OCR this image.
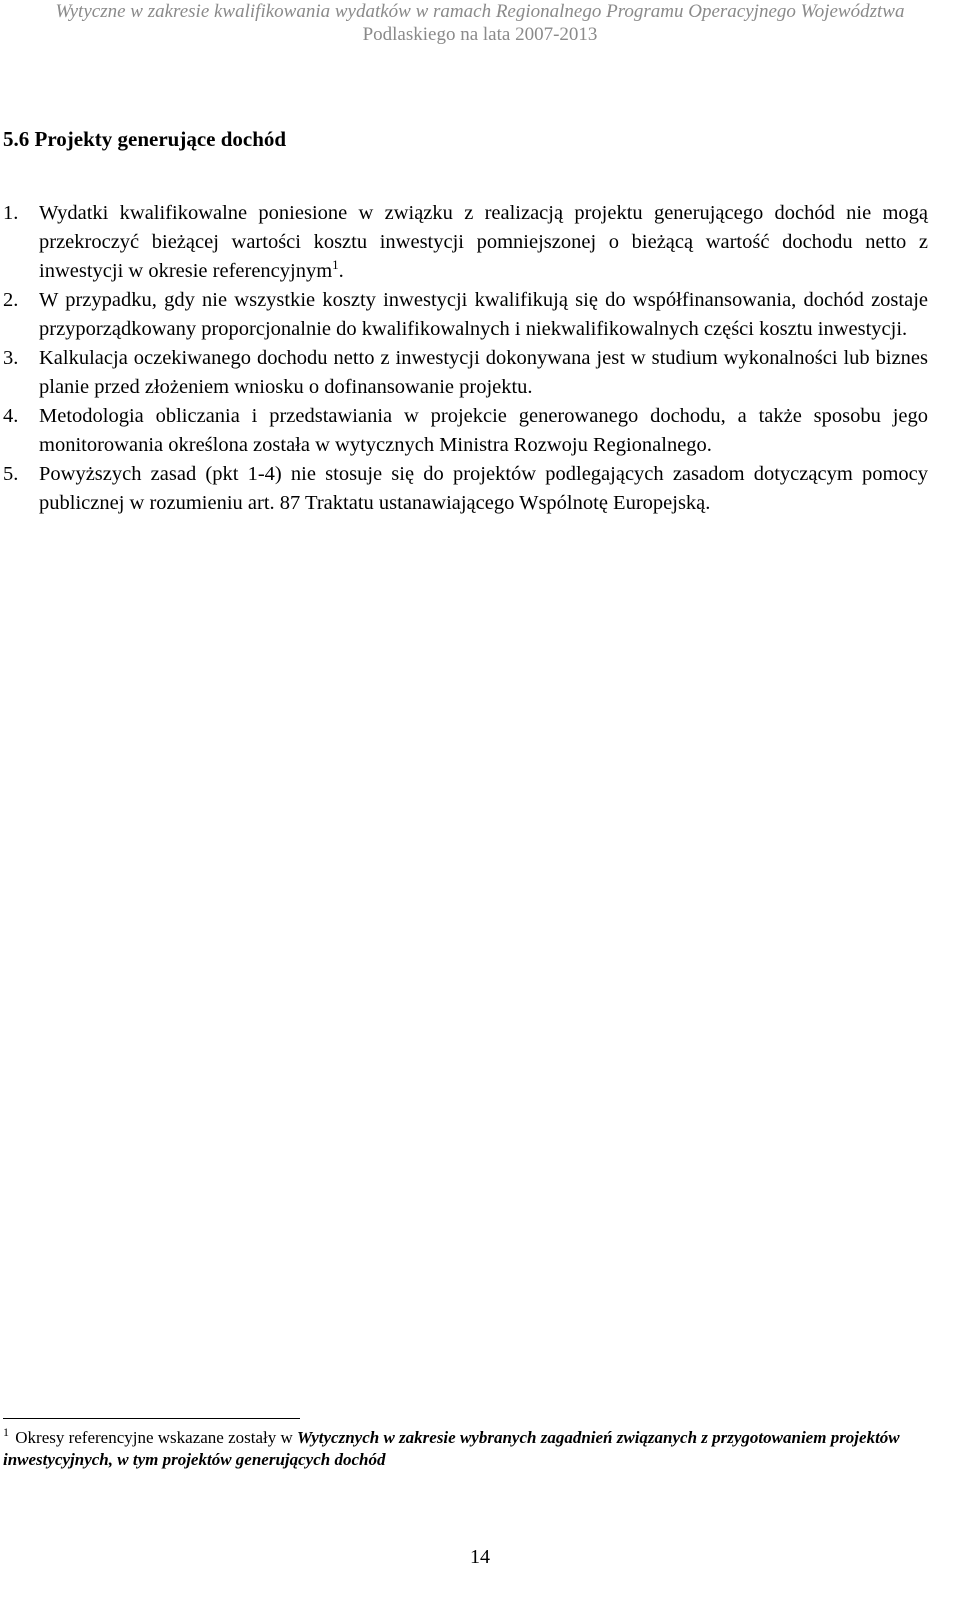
Wytyczne w zakresie kwalifikowania wydatków w ramach Regionalnego Programu Operacyjnego Województwa
Podlaskiego na lata 2007-2013
5.6 Projekty generujące dochód
1. Wydatki kwalifikowalne poniesione w związku z realizacją projektu generującego dochód nie mogą przekroczyć bieżącej wartości kosztu inwestycji pomniejszonej o bieżącą wartość dochodu netto z inwestycji w okresie referencyjnym$^1$.
2. W przypadku, gdy nie wszystkie koszty inwestycji kwalifikują się do współfinansowania, dochód zostaje przyporządkowany proporcjonalnie do kwalifikowalnych i niekwalifikowalnych części kosztu inwestycji.
3. Kalkulacja oczekiwanego dochodu netto z inwestycji dokonywana jest w studium wykonalności lub biznes planie przed złożeniem wniosku o dofinansowanie projektu.
4. Metodologia obliczania i przedstawiania w projekcie generowanego dochodu, a także sposobu jego monitorowania określona została w wytycznych Ministra Rozwoju Regionalnego.
5. Powyższych zasad (pkt 1-4) nie stosuje się do projektów podlegających zasadom dotyczącym pomocy publicznej w rozumieniu art. 87 Traktatu ustanawiającego Wspólnotę Europejską.

$^1$ Okresy referencyjne wskazane zostały w Wytycznych w zakresie wybranych zagadnień związanych z przygotowaniem projektów inwestycyjnych, w tym projektów generujących dochód

14
